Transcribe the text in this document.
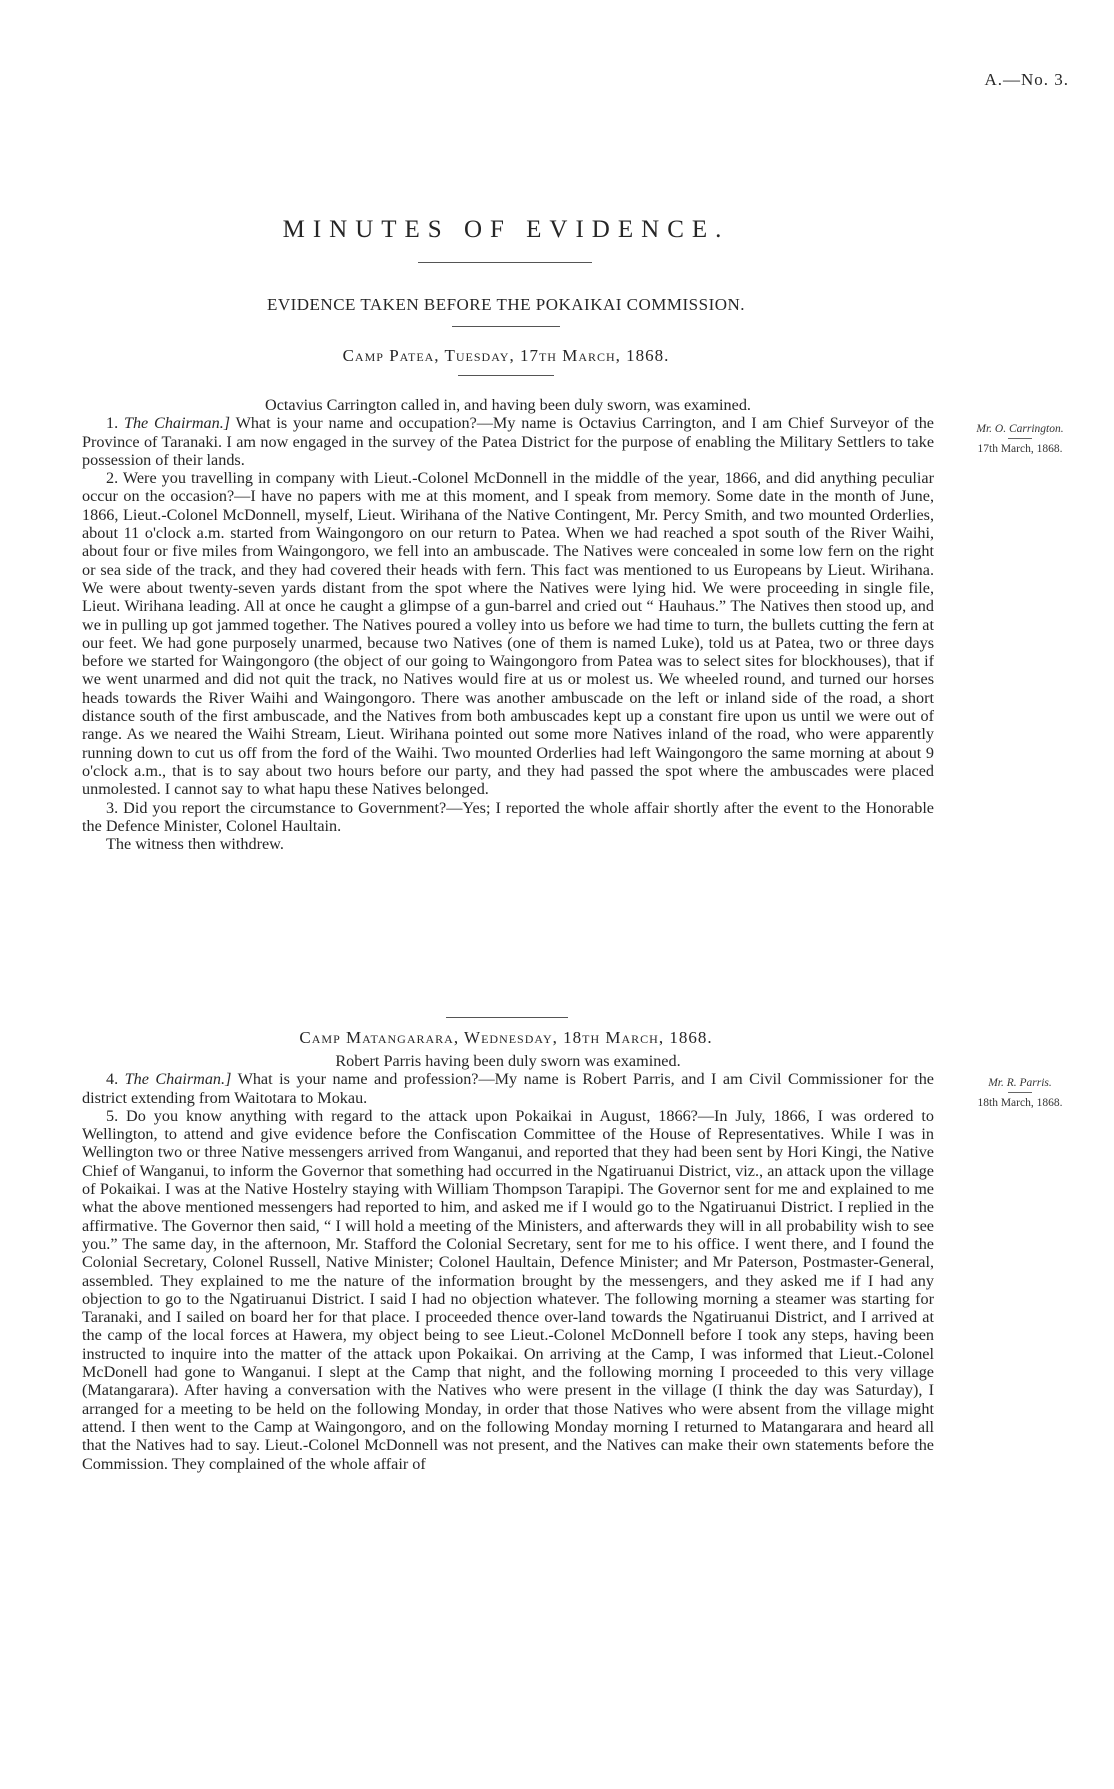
A.—No. 3.
MINUTES OF EVIDENCE.
EVIDENCE TAKEN BEFORE THE POKAIKAI COMMISSION.
Camp Patea, Tuesday, 17th March, 1868.

Octavius Carrington called in, and having been duly sworn, was examined.

1. The Chairman.] What is your name and occupation?—My name is Octavius Carrington, and I am Chief Surveyor of the Province of Taranaki. I am now engaged in the survey of the Patea District for the purpose of enabling the Military Settlers to take possession of their lands.

2. Were you travelling in company with Lieut.-Colonel McDonnell in the middle of the year, 1866, and did anything peculiar occur on the occasion?—I have no papers with me at this moment, and I speak from memory. Some date in the month of June, 1866, Lieut.-Colonel McDonnell, myself, Lieut. Wirihana of the Native Contingent, Mr. Percy Smith, and two mounted Orderlies, about 11 o'clock a.m. started from Waingongoro on our return to Patea. When we had reached a spot south of the River Waihi, about four or five miles from Waingongoro, we fell into an ambuscade. The Natives were concealed in some low fern on the right or sea side of the track, and they had covered their heads with fern. This fact was mentioned to us Europeans by Lieut. Wirihana. We were about twenty-seven yards distant from the spot where the Natives were lying hid. We were proceeding in single file, Lieut. Wirihana leading. All at once he caught a glimpse of a gun-barrel and cried out “ Hauhaus.” The Natives then stood up, and we in pulling up got jammed together. The Natives poured a volley into us before we had time to turn, the bullets cutting the fern at our feet. We had gone purposely unarmed, because two Natives (one of them is named Luke), told us at Patea, two or three days before we started for Waingongoro (the object of our going to Waingongoro from Patea was to select sites for blockhouses), that if we went unarmed and did not quit the track, no Natives would fire at us or molest us. We wheeled round, and turned our horses heads towards the River Waihi and Waingongoro. There was another ambuscade on the left or inland side of the road, a short distance south of the first ambuscade, and the Natives from both ambuscades kept up a constant fire upon us until we were out of range. As we neared the Waihi Stream, Lieut. Wirihana pointed out some more Natives inland of the road, who were apparently running down to cut us off from the ford of the Waihi. Two mounted Orderlies had left Waingongoro the same morning at about 9 o'clock a.m., that is to say about two hours before our party, and they had passed the spot where the ambuscades were placed unmolested. I cannot say to what hapu these Natives belonged.

3. Did you report the circumstance to Government?—Yes; I reported the whole affair shortly after the event to the Honorable the Defence Minister, Colonel Haultain.

The witness then withdrew.

Mr. O. Carrington.
17th March, 1868.
Camp Matangarara, Wednesday, 18th March, 1868.

Robert Parris having been duly sworn was examined.

4. The Chairman.] What is your name and profession?—My name is Robert Parris, and I am Civil Commissioner for the district extending from Waitotara to Mokau.

5. Do you know anything with regard to the attack upon Pokaikai in August, 1866?—In July, 1866, I was ordered to Wellington, to attend and give evidence before the Confiscation Committee of the House of Representatives. While I was in Wellington two or three Native messengers arrived from Wanganui, and reported that they had been sent by Hori Kingi, the Native Chief of Wanganui, to inform the Governor that something had occurred in the Ngatiruanui District, viz., an attack upon the village of Pokaikai. I was at the Native Hostelry staying with William Thompson Tarapipi. The Governor sent for me and explained to me what the above mentioned messengers had reported to him, and asked me if I would go to the Ngatiruanui District. I replied in the affirmative. The Governor then said, “ I will hold a meeting of the Ministers, and afterwards they will in all probability wish to see you.” The same day, in the afternoon, Mr. Stafford the Colonial Secretary, sent for me to his office. I went there, and I found the Colonial Secretary, Colonel Russell, Native Minister; Colonel Haultain, Defence Minister; and Mr Paterson, Postmaster-General, assembled. They explained to me the nature of the information brought by the messengers, and they asked me if I had any objection to go to the Ngatiruanui District. I said I had no objection whatever. The following morning a steamer was starting for Taranaki, and I sailed on board her for that place. I proceeded thence over-land towards the Ngatiruanui District, and I arrived at the camp of the local forces at Hawera, my object being to see Lieut.-Colonel McDonnell before I took any steps, having been instructed to inquire into the matter of the attack upon Pokaikai. On arriving at the Camp, I was informed that Lieut.-Colonel McDonell had gone to Wanganui. I slept at the Camp that night, and the following morning I proceeded to this very village (Matangarara). After having a conversation with the Natives who were present in the village (I think the day was Saturday), I arranged for a meeting to be held on the following Monday, in order that those Natives who were absent from the village might attend. I then went to the Camp at Waingongoro, and on the following Monday morning I returned to Matangarara and heard all that the Natives had to say. Lieut.-Colonel McDonnell was not present, and the Natives can make their own statements before the Commission. They complained of the whole affair of

Mr. R. Parris.
18th March, 1868.
